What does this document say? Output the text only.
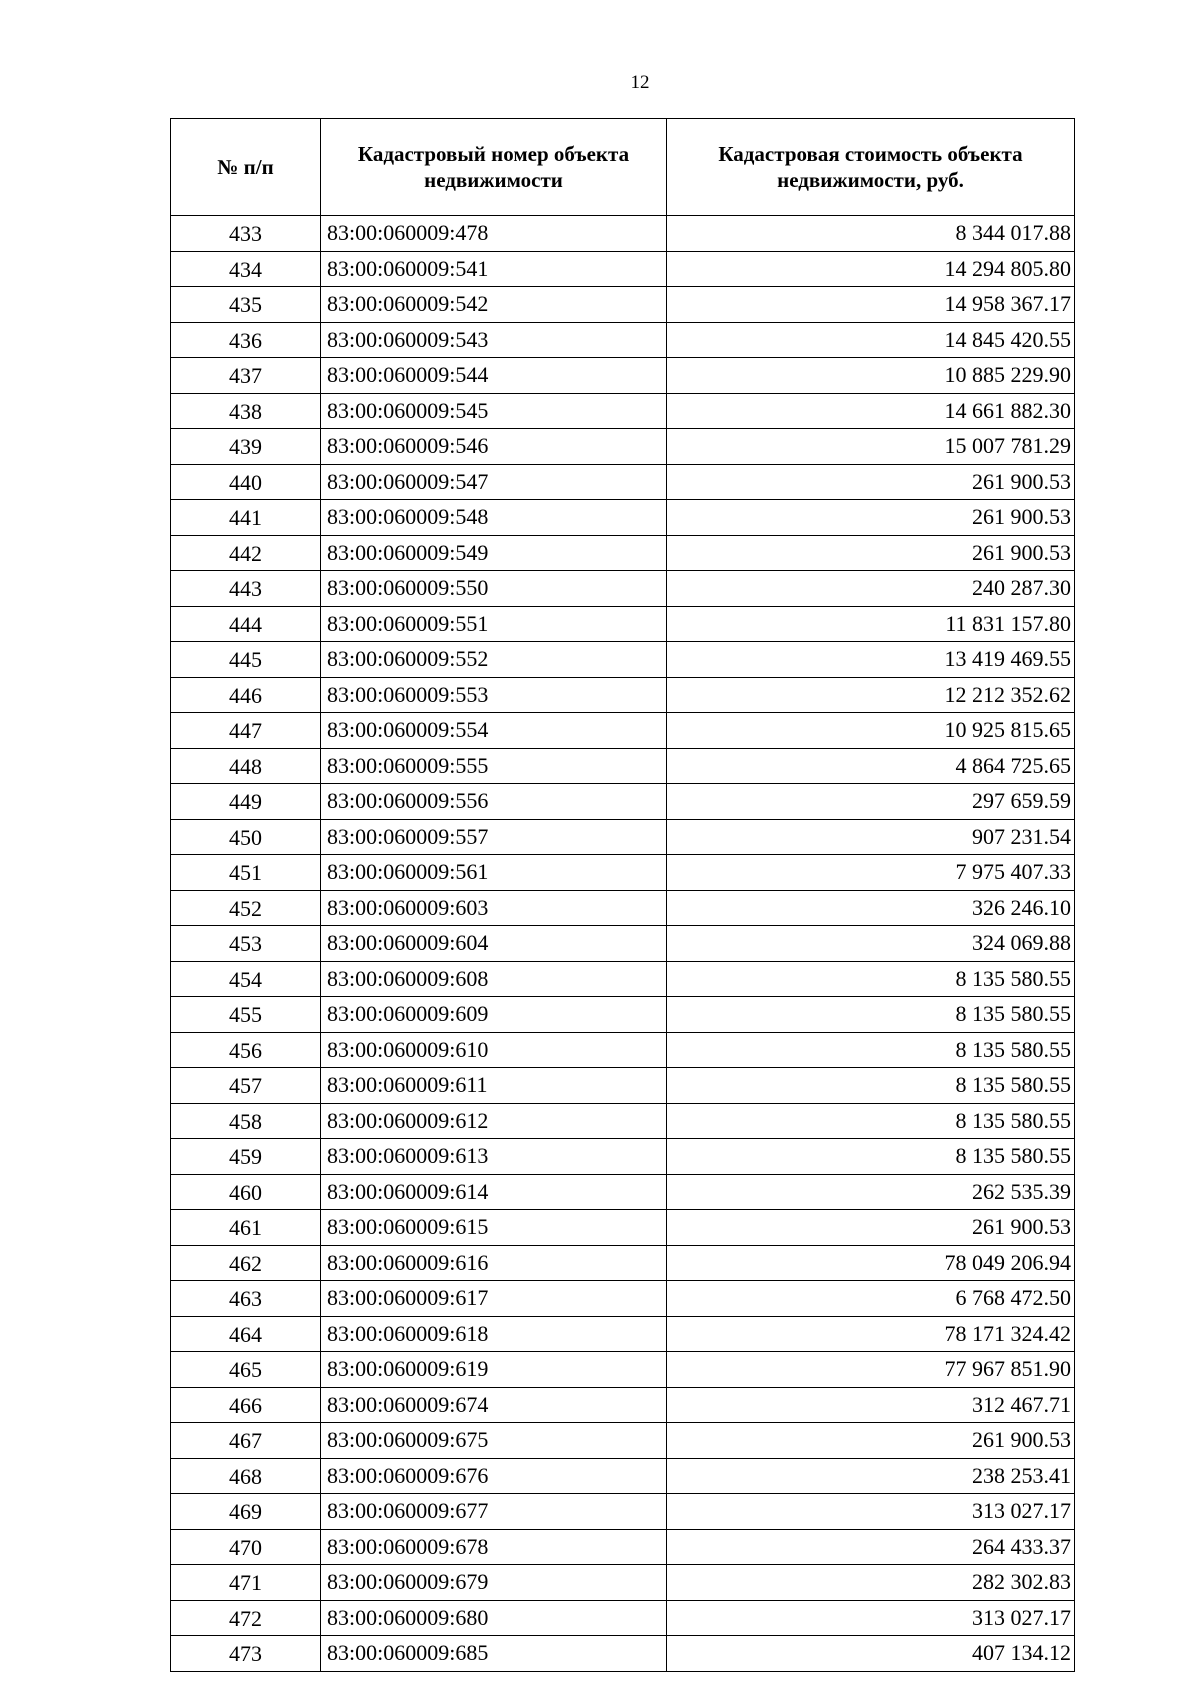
12
№ п/п	Кадастровый номер объекта недвижимости	Кадастровая стоимость объекта недвижимости, руб.
433	83:00:060009:478	8 344 017.88
434	83:00:060009:541	14 294 805.80
435	83:00:060009:542	14 958 367.17
436	83:00:060009:543	14 845 420.55
437	83:00:060009:544	10 885 229.90
438	83:00:060009:545	14 661 882.30
439	83:00:060009:546	15 007 781.29
440	83:00:060009:547	261 900.53
441	83:00:060009:548	261 900.53
442	83:00:060009:549	261 900.53
443	83:00:060009:550	240 287.30
444	83:00:060009:551	11 831 157.80
445	83:00:060009:552	13 419 469.55
446	83:00:060009:553	12 212 352.62
447	83:00:060009:554	10 925 815.65
448	83:00:060009:555	4 864 725.65
449	83:00:060009:556	297 659.59
450	83:00:060009:557	907 231.54
451	83:00:060009:561	7 975 407.33
452	83:00:060009:603	326 246.10
453	83:00:060009:604	324 069.88
454	83:00:060009:608	8 135 580.55
455	83:00:060009:609	8 135 580.55
456	83:00:060009:610	8 135 580.55
457	83:00:060009:611	8 135 580.55
458	83:00:060009:612	8 135 580.55
459	83:00:060009:613	8 135 580.55
460	83:00:060009:614	262 535.39
461	83:00:060009:615	261 900.53
462	83:00:060009:616	78 049 206.94
463	83:00:060009:617	6 768 472.50
464	83:00:060009:618	78 171 324.42
465	83:00:060009:619	77 967 851.90
466	83:00:060009:674	312 467.71
467	83:00:060009:675	261 900.53
468	83:00:060009:676	238 253.41
469	83:00:060009:677	313 027.17
470	83:00:060009:678	264 433.37
471	83:00:060009:679	282 302.83
472	83:00:060009:680	313 027.17
473	83:00:060009:685	407 134.12
